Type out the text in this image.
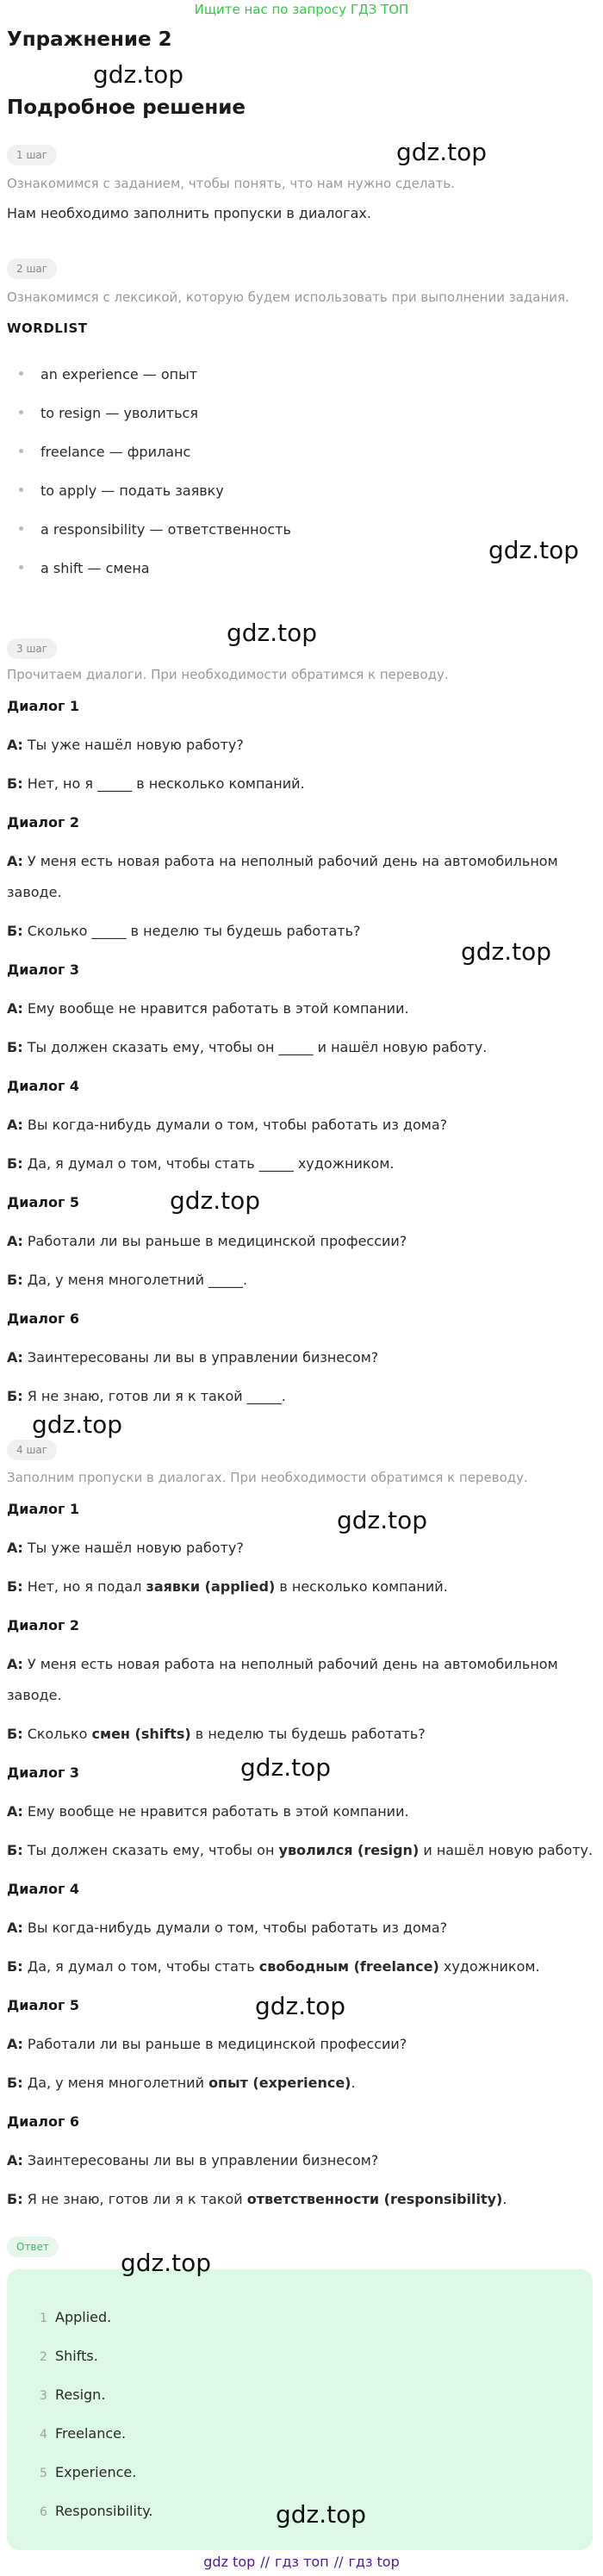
Ищите нас по запросу ГДЗ ТОП
Упражнение 2
Подробное решение
1 шаг
Ознакомимся с заданием, чтобы понять, что нам нужно сделать.
Нам необходимо заполнить пропуски в диалогах.
2 шаг
Ознакомимся с лексикой, которую будем использовать при выполнении задания.
WORDLIST
an experience — опыт
to resign — уволиться
freelance — фриланс
to apply — подать заявку
a responsibility — ответственность
a shift — смена
3 шаг
Прочитаем диалоги. При необходимости обратимся к переводу.
Диалог 1
А: Ты уже нашёл новую работу?
Б: Нет, но я _____ в несколько компаний.
Диалог 2
А: У меня есть новая работа на неполный рабочий день на автомобильном
заводе.
Б: Сколько _____ в неделю ты будешь работать?
Диалог 3
А: Ему вообще не нравится работать в этой компании.
Б: Ты должен сказать ему, чтобы он _____ и нашёл новую работу.
Диалог 4
А: Вы когда-нибудь думали о том, чтобы работать из дома?
Б: Да, я думал о том, чтобы стать _____ художником.
Диалог 5
А: Работали ли вы раньше в медицинской профессии?
Б: Да, у меня многолетний _____.
Диалог 6
А: Заинтересованы ли вы в управлении бизнесом?
Б: Я не знаю, готов ли я к такой _____.
4 шаг
Заполним пропуски в диалогах. При необходимости обратимся к переводу.
Диалог 1
А: Ты уже нашёл новую работу?
Б: Нет, но я подал заявки (applied) в несколько компаний.
Диалог 2
А: У меня есть новая работа на неполный рабочий день на автомобильном
заводе.
Б: Сколько смен (shifts) в неделю ты будешь работать?
Диалог 3
А: Ему вообще не нравится работать в этой компании.
Б: Ты должен сказать ему, чтобы он уволился (resign) и нашёл новую работу.
Диалог 4
А: Вы когда-нибудь думали о том, чтобы работать из дома?
Б: Да, я думал о том, чтобы стать свободным (freelance) художником.
Диалог 5
А: Работали ли вы раньше в медицинской профессии?
Б: Да, у меня многолетний опыт (experience).
Диалог 6
А: Заинтересованы ли вы в управлении бизнесом?
Б: Я не знаю, готов ли я к такой ответственности (responsibility).
Ответ
1 Applied.
2 Shifts.
3 Resign.
4 Freelance.
5 Experience.
6 Responsibility.
gdz.top
gdz.top
gdz.top
gdz.top
gdz.top
gdz.top
gdz.top
gdz.top
gdz.top
gdz.top
gdz.top
gdz.top
gdz top // гдз топ // гдз top
